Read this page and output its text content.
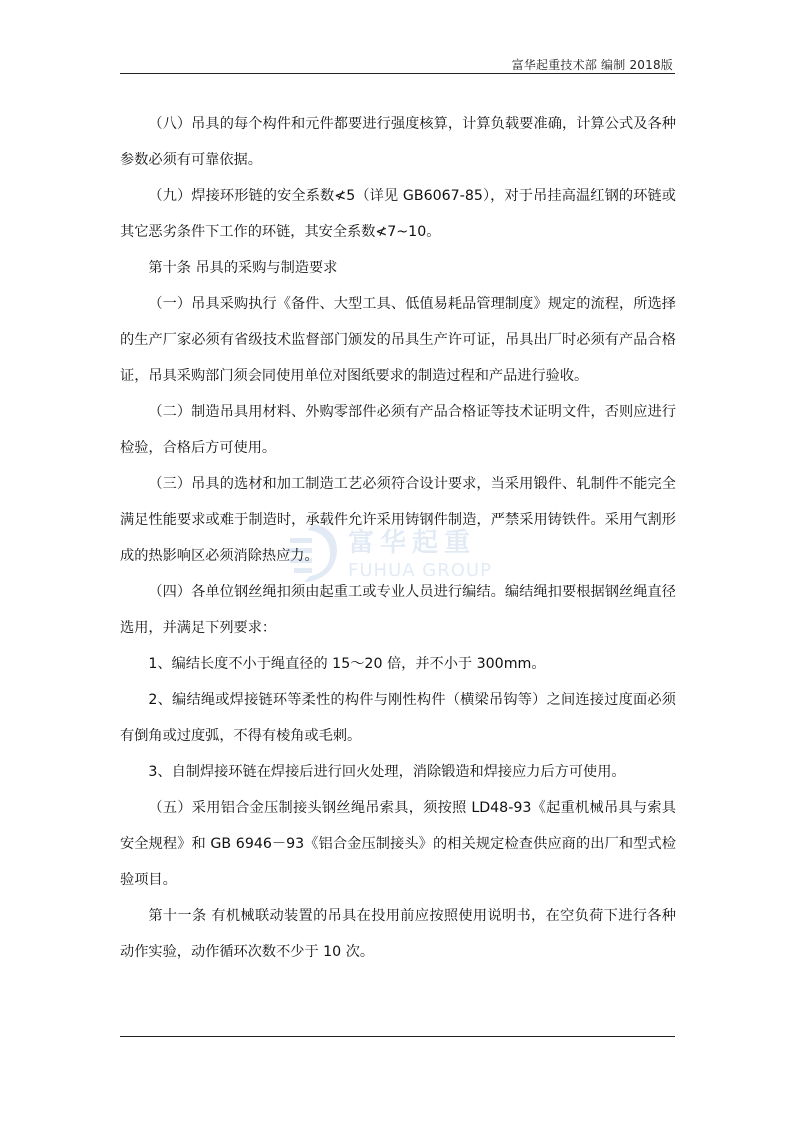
富华起重技术部 编制 2018版
富华起重
FUHUA GROUP

（八）吊具的每个构件和元件都要进行强度核算，计算负载要准确，计算公式及各种参数必须有可靠依据。

（九）焊接环形链的安全系数≮5（详见 GB6067-85），对于吊挂高温红钢的环链或其它恶劣条件下工作的环链，其安全系数≮7~10。

第十条 吊具的采购与制造要求

（一）吊具采购执行《备件、大型工具、低值易耗品管理制度》规定的流程，所选择的生产厂家必须有省级技术监督部门颁发的吊具生产许可证，吊具出厂时必须有产品合格证，吊具采购部门须会同使用单位对图纸要求的制造过程和产品进行验收。

（二）制造吊具用材料、外购零部件必须有产品合格证等技术证明文件，否则应进行检验，合格后方可使用。

（三）吊具的选材和加工制造工艺必须符合设计要求，当采用锻件、轧制件不能完全满足性能要求或难于制造时，承载件允许采用铸钢件制造，严禁采用铸铁件。采用气割形成的热影响区必须消除热应力。

（四）各单位钢丝绳扣须由起重工或专业人员进行编结。编结绳扣要根据钢丝绳直径选用，并满足下列要求：

1、编结长度不小于绳直径的 15～20 倍，并不小于 300mm。

2、编结绳或焊接链环等柔性的构件与刚性构件（横梁吊钩等）之间连接过度面必须有倒角或过度弧，不得有棱角或毛刺。

3、自制焊接环链在焊接后进行回火处理，消除锻造和焊接应力后方可使用。

（五）采用铝合金压制接头钢丝绳吊索具，须按照 LD48-93《起重机械吊具与索具安全规程》和 GB 6946－93《铝合金压制接头》的相关规定检查供应商的出厂和型式检验项目。

第十一条 有机械联动装置的吊具在投用前应按照使用说明书，在空负荷下进行各种动作实验，动作循环次数不少于 10 次。
